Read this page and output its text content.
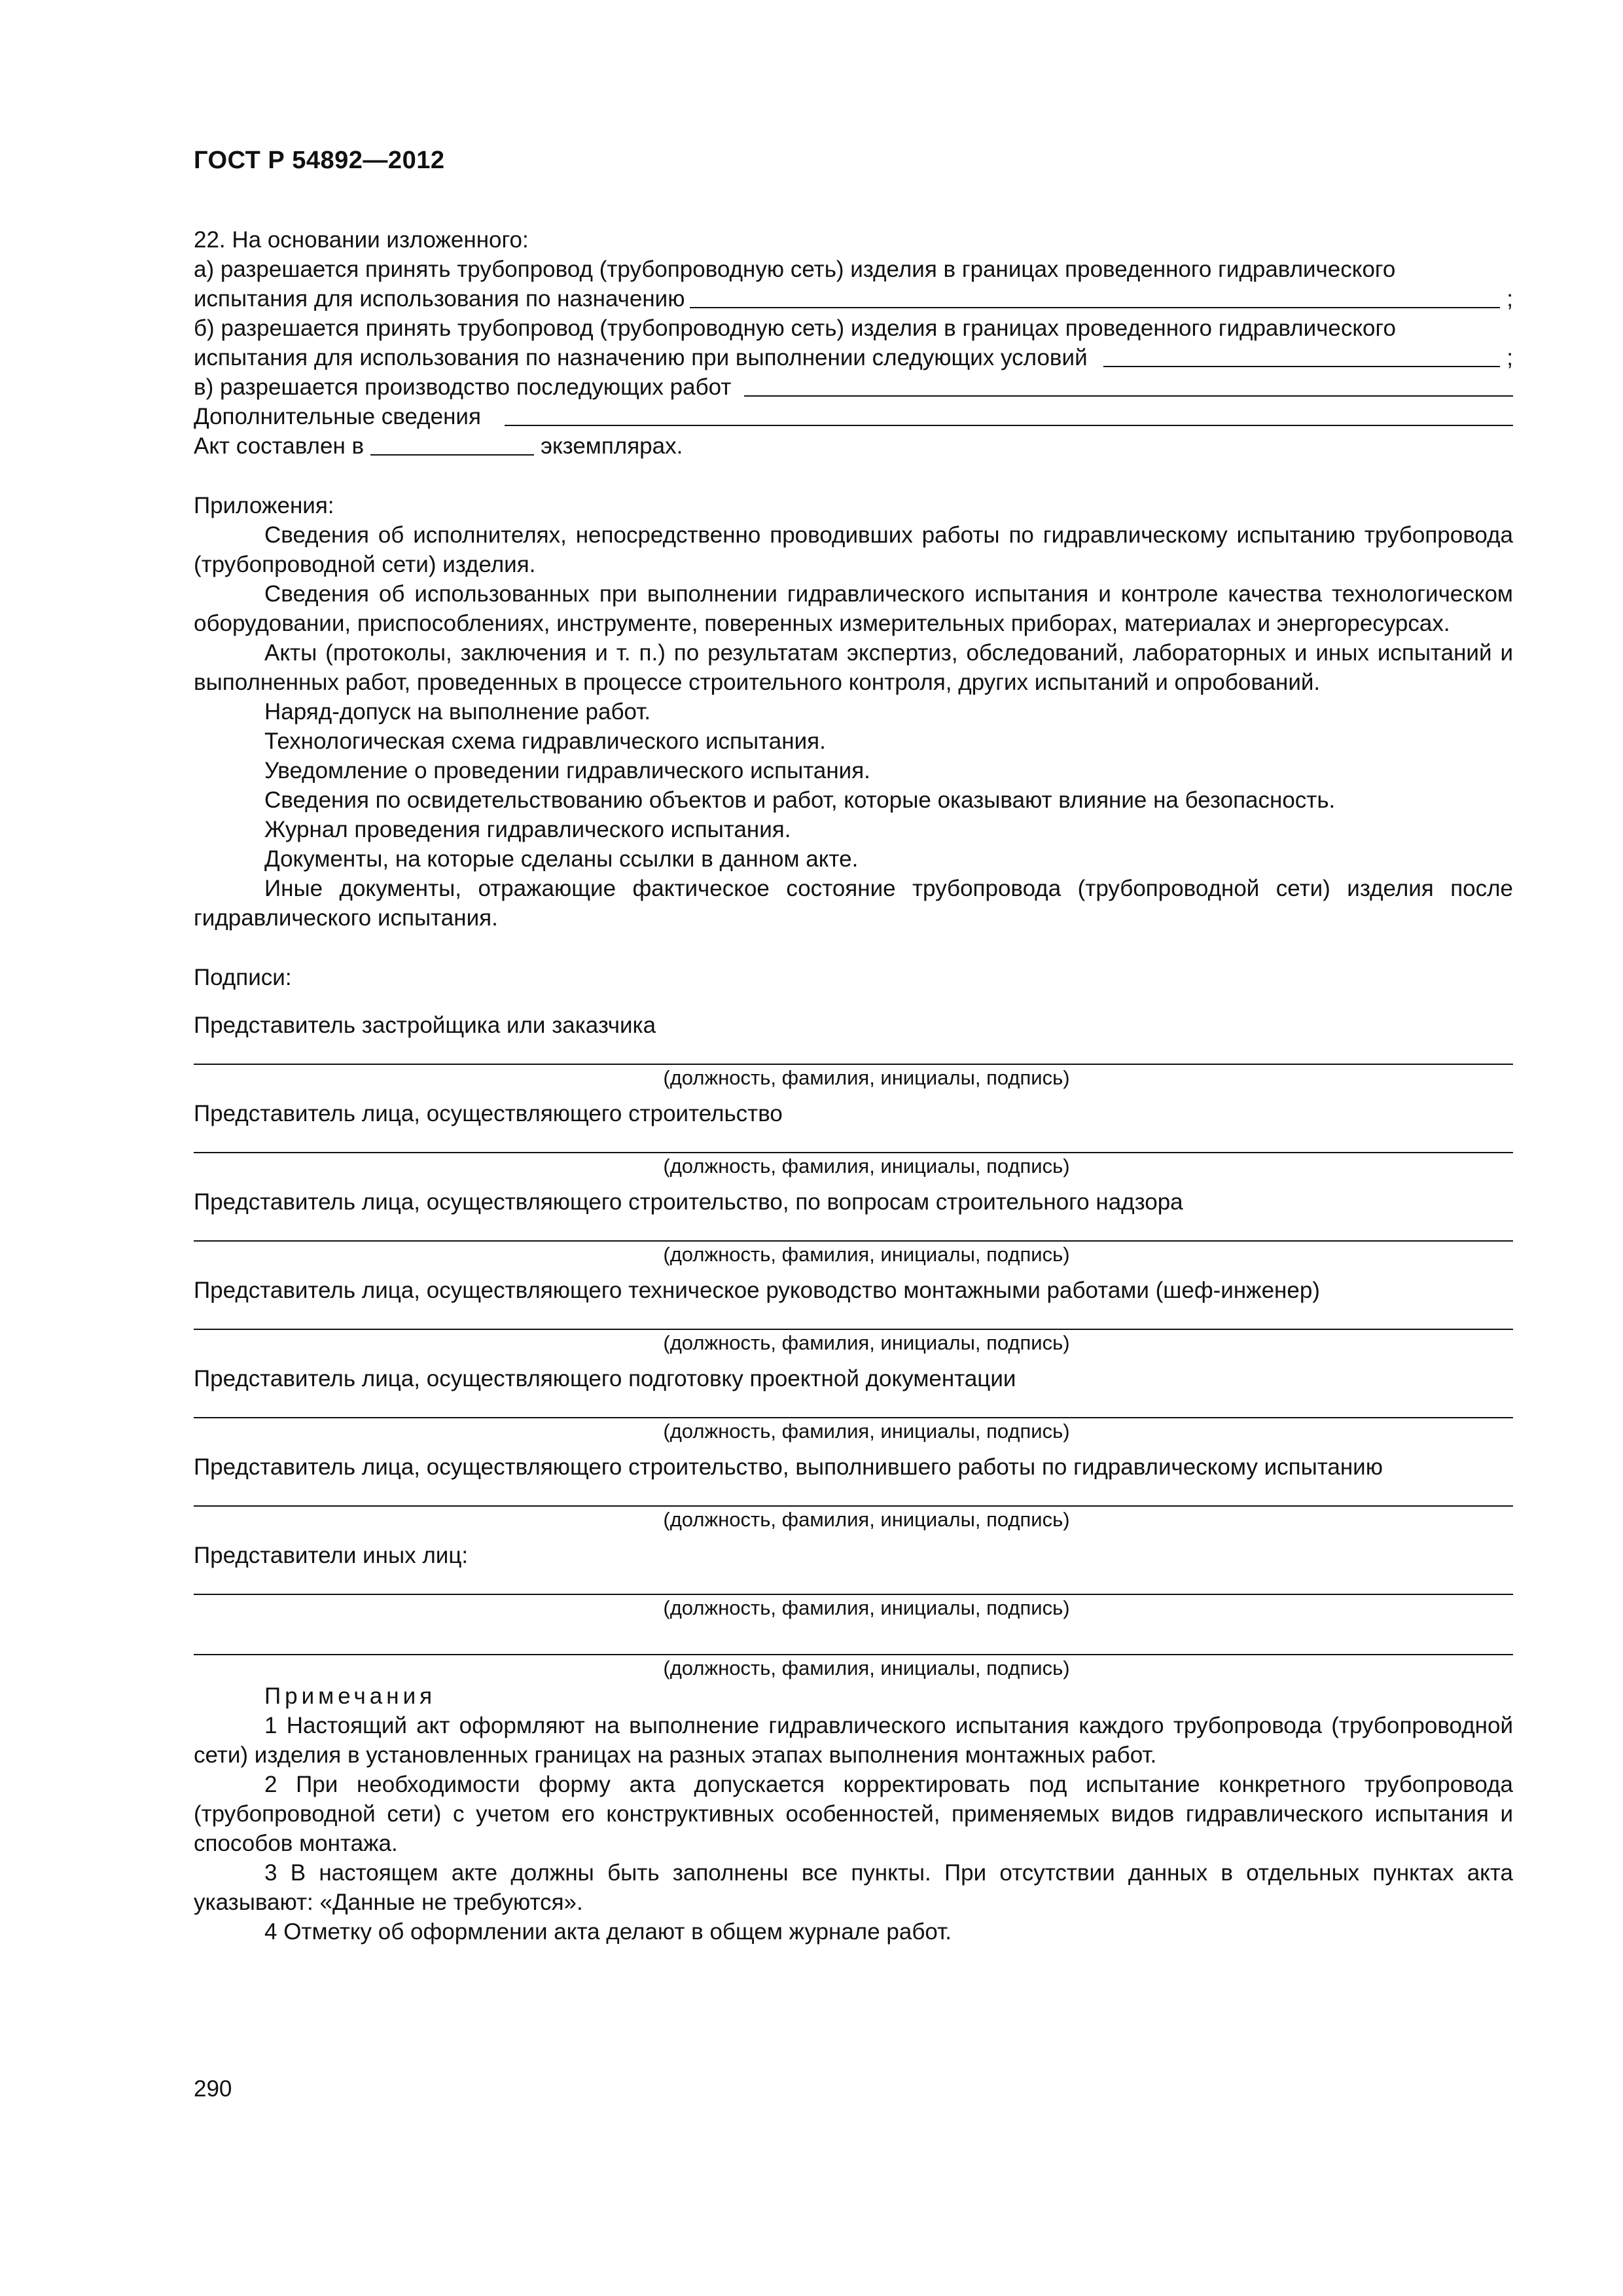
ГОСТ Р 54892—2012
22. На основании изложенного:
а) разрешается принять трубопровод (трубопроводную сеть) изделия в границах проведенного гидравлического
испытания для использования по назначению	;
б) разрешается принять трубопровод (трубопроводную сеть) изделия в границах проведенного гидравлического
испытания для использования по назначению при выполнении следующих условий	;
в) разрешается производство последующих работ
Дополнительные сведения
Акт составлен в	экземплярах.
Приложения:
Сведения об исполнителях, непосредственно проводивших работы по гидравлическому испытанию трубопровода (трубопроводной сети) изделия.
Сведения об использованных при выполнении гидравлического испытания и контроле качества технологическом оборудовании, приспособлениях, инструменте, поверенных измерительных приборах, материалах и энергоресурсах.
Акты (протоколы, заключения и т. п.) по результатам экспертиз, обследований, лабораторных и иных испытаний и выполненных работ, проведенных в процессе строительного контроля, других испытаний и опробований.
Наряд-допуск на выполнение работ.
Технологическая схема гидравлического испытания.
Уведомление о проведении гидравлического испытания.
Сведения по освидетельствованию объектов и работ, которые оказывают влияние на безопасность.
Журнал проведения гидравлического испытания.
Документы, на которые сделаны ссылки в данном акте.
Иные документы, отражающие фактическое состояние трубопровода (трубопроводной сети) изделия после гидравлического испытания.
Подписи:
Представитель застройщика или заказчика
(должность, фамилия, инициалы, подпись)
Представитель лица, осуществляющего строительство
(должность, фамилия, инициалы, подпись)
Представитель лица, осуществляющего строительство, по вопросам строительного надзора
(должность, фамилия, инициалы, подпись)
Представитель лица, осуществляющего техническое руководство монтажными работами (шеф-инженер)
(должность, фамилия, инициалы, подпись)
Представитель лица, осуществляющего подготовку проектной документации
(должность, фамилия, инициалы, подпись)
Представитель лица, осуществляющего строительство, выполнившего работы по гидравлическому испытанию
(должность, фамилия, инициалы, подпись)
Представители иных лиц:
(должность, фамилия, инициалы, подпись)
(должность, фамилия, инициалы, подпись)
Примечания
1 Настоящий акт оформляют на выполнение гидравлического испытания каждого трубопровода (трубопроводной сети) изделия в установленных границах на разных этапах выполнения монтажных работ.
2 При необходимости форму акта допускается корректировать под испытание конкретного трубопровода (трубопроводной сети) с учетом его конструктивных особенностей, применяемых видов гидравлического испытания и способов монтажа.
3 В настоящем акте должны быть заполнены все пункты. При отсутствии данных в отдельных пунктах акта указывают: «Данные не требуются».
4 Отметку об оформлении акта делают в общем журнале работ.
290
